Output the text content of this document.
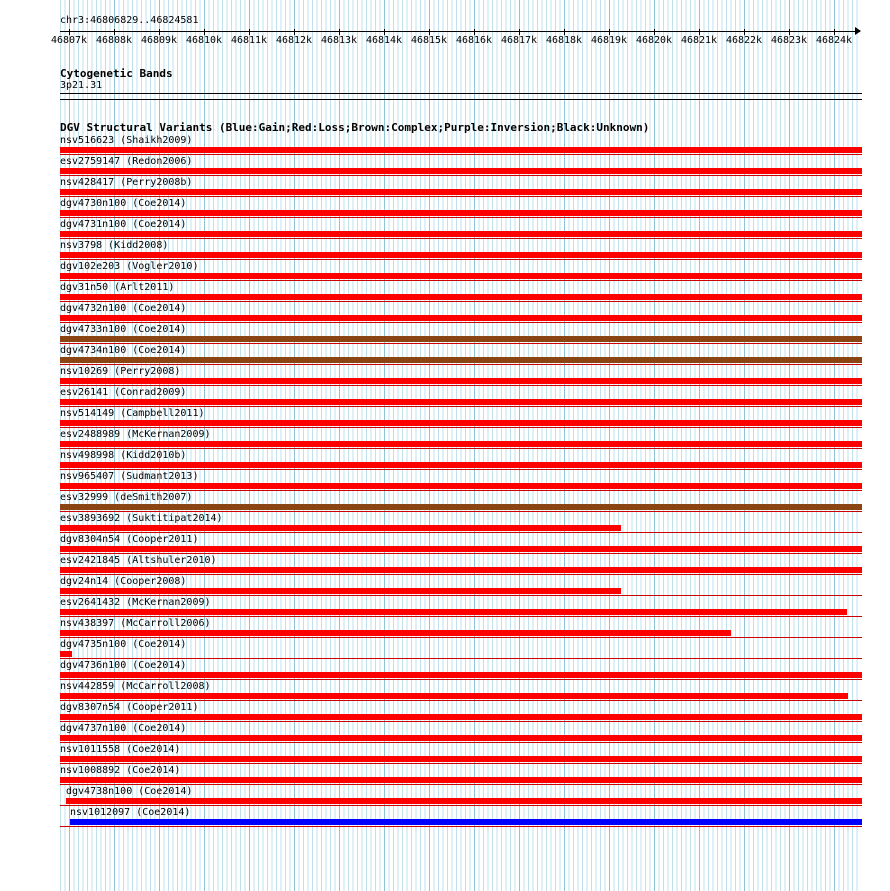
chr3:46806829..46824581
46807k 46808k 46809k 46810k 46811k 46812k 46813k 46814k 46815k 46816k 46817k 46818k 46819k 46820k 46821k 46822k 46823k 46824k
Cytogenetic Bands
3p21.31
DGV Structural Variants (Blue:Gain;Red:Loss;Brown:Complex;Purple:Inversion;Black:Unknown)
nsv516623 (Shaikh2009)
esv2759147 (Redon2006)
nsv428417 (Perry2008b)
dgv4730n100 (Coe2014)
dgv4731n100 (Coe2014)
nsv3798 (Kidd2008)
dgv102e203 (Vogler2010)
dgv31n50 (Arlt2011)
dgv4732n100 (Coe2014)
dgv4733n100 (Coe2014)
dgv4734n100 (Coe2014)
nsv10269 (Perry2008)
esv26141 (Conrad2009)
nsv514149 (Campbell2011)
esv2488989 (McKernan2009)
nsv498998 (Kidd2010b)
nsv965407 (Sudmant2013)
esv32999 (deSmith2007)
esv3893692 (Suktitipat2014)
dgv8304n54 (Cooper2011)
esv2421845 (Altshuler2010)
dgv24n14 (Cooper2008)
esv2641432 (McKernan2009)
nsv438397 (McCarroll2006)
dgv4735n100 (Coe2014)
dgv4736n100 (Coe2014)
nsv442859 (McCarroll2008)
dgv8307n54 (Cooper2011)
dgv4737n100 (Coe2014)
nsv1011558 (Coe2014)
nsv1008892 (Coe2014)
dgv4738n100 (Coe2014)
nsv1012097 (Coe2014)
